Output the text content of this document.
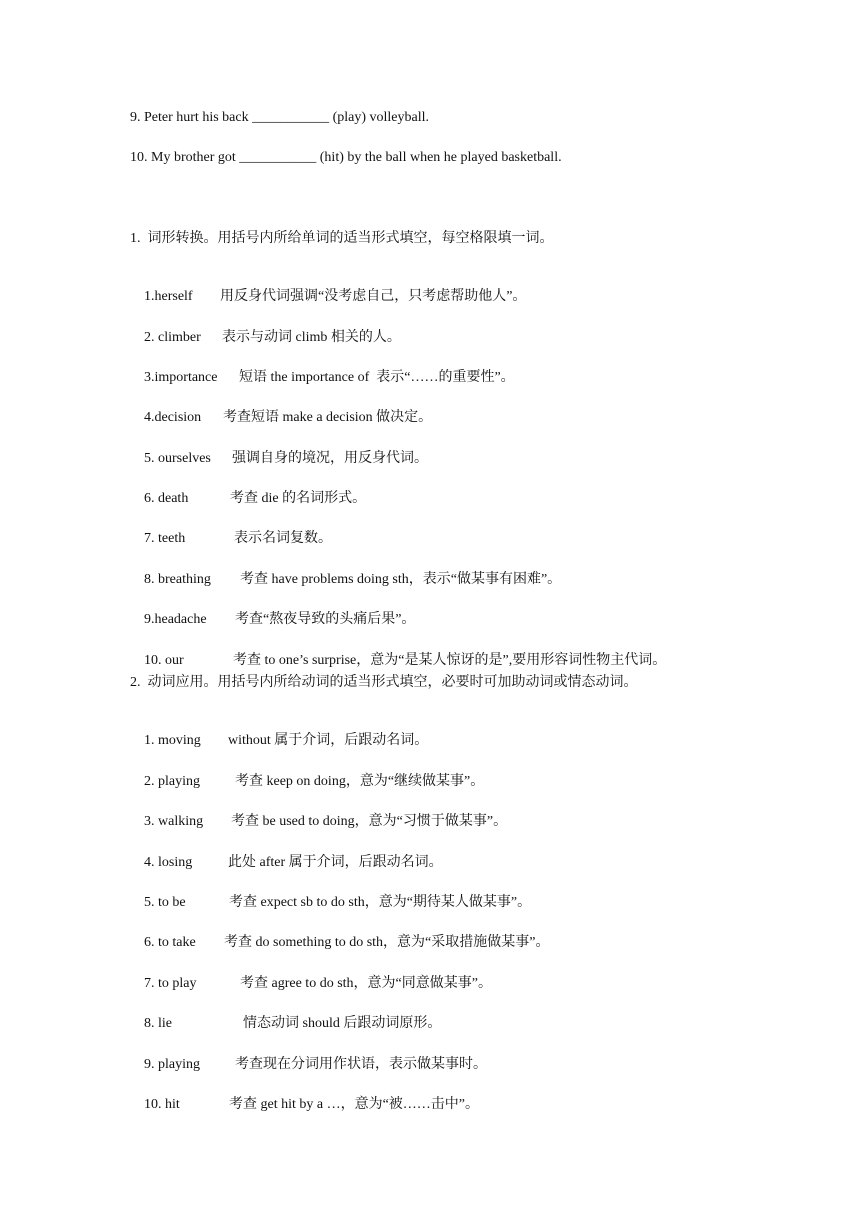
9. Peter hurt his back ___________ (play) volleyball.
10. My brother got ___________ (hit) by the ball when he played basketball.
1.  词形转换。用括号内所给单词的适当形式填空，每空格限填一词。

1.herself 用反身代词强调“没考虑自己，只考虑帮助他人”。

2. climber 表示与动词 climb 相关的人。

3.importance 短语 the importance of  表示“……的重要性”。

4.decision 考查短语 make a decision 做决定。

5. ourselves 强调自身的境况，用反身代词。

6. death	考查 die 的名词形式。

7. teeth	表示名词复数。

8. breathing 考查 have problems doing sth，表示“做某事有困难”。

9.headache 考查“熬夜导致的头痛后果”。

10. our	考查 to one’s surprise，意为“是某人惊讶的是”,要用形容词性物主代词。

2.  动词应用。用括号内所给动词的适当形式填空，必要时可加助动词或情态动词。

1. moving without 属于介词，后跟动名词。

2. playing	考查 keep on doing，意为“继续做某事”。

3. walking 考查 be used to doing，意为“习惯于做某事”。

4. losing	此处 after 属于介词，后跟动名词。

5. to be	考查 expect sb to do sth，意为“期待某人做某事”。

6. to take 考查 do something to do sth，意为“采取措施做某事”。

7. to play	考查 agree to do sth，意为“同意做某事”。

8. lie	情态动词 should 后跟动词原形。

9. playing	考查现在分词用作状语，表示做某事时。

10. hit	考查 get hit by a …，意为“被……击中”。
